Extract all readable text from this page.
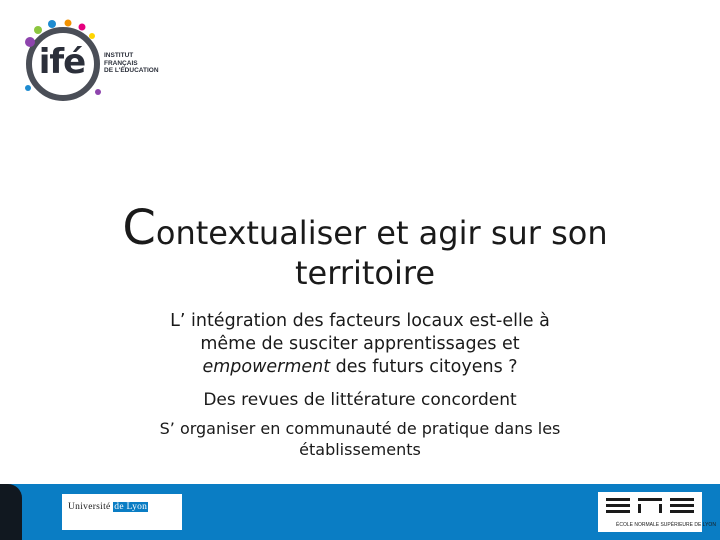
ifé	INSTITUT
FRANÇAIS
DE L'ÉDUCATION
Contextualiser et agir sur son
territoire

L’ intégration des facteurs locaux est-elle à

même de susciter apprentissages et

empowerment des futurs citoyens ?

Des revues de littérature concordent

S’ organiser en communauté de pratique dans les

établissements

Université de Lyon
ÉCOLE NORMALE SUPÉRIEURE DE LYON
